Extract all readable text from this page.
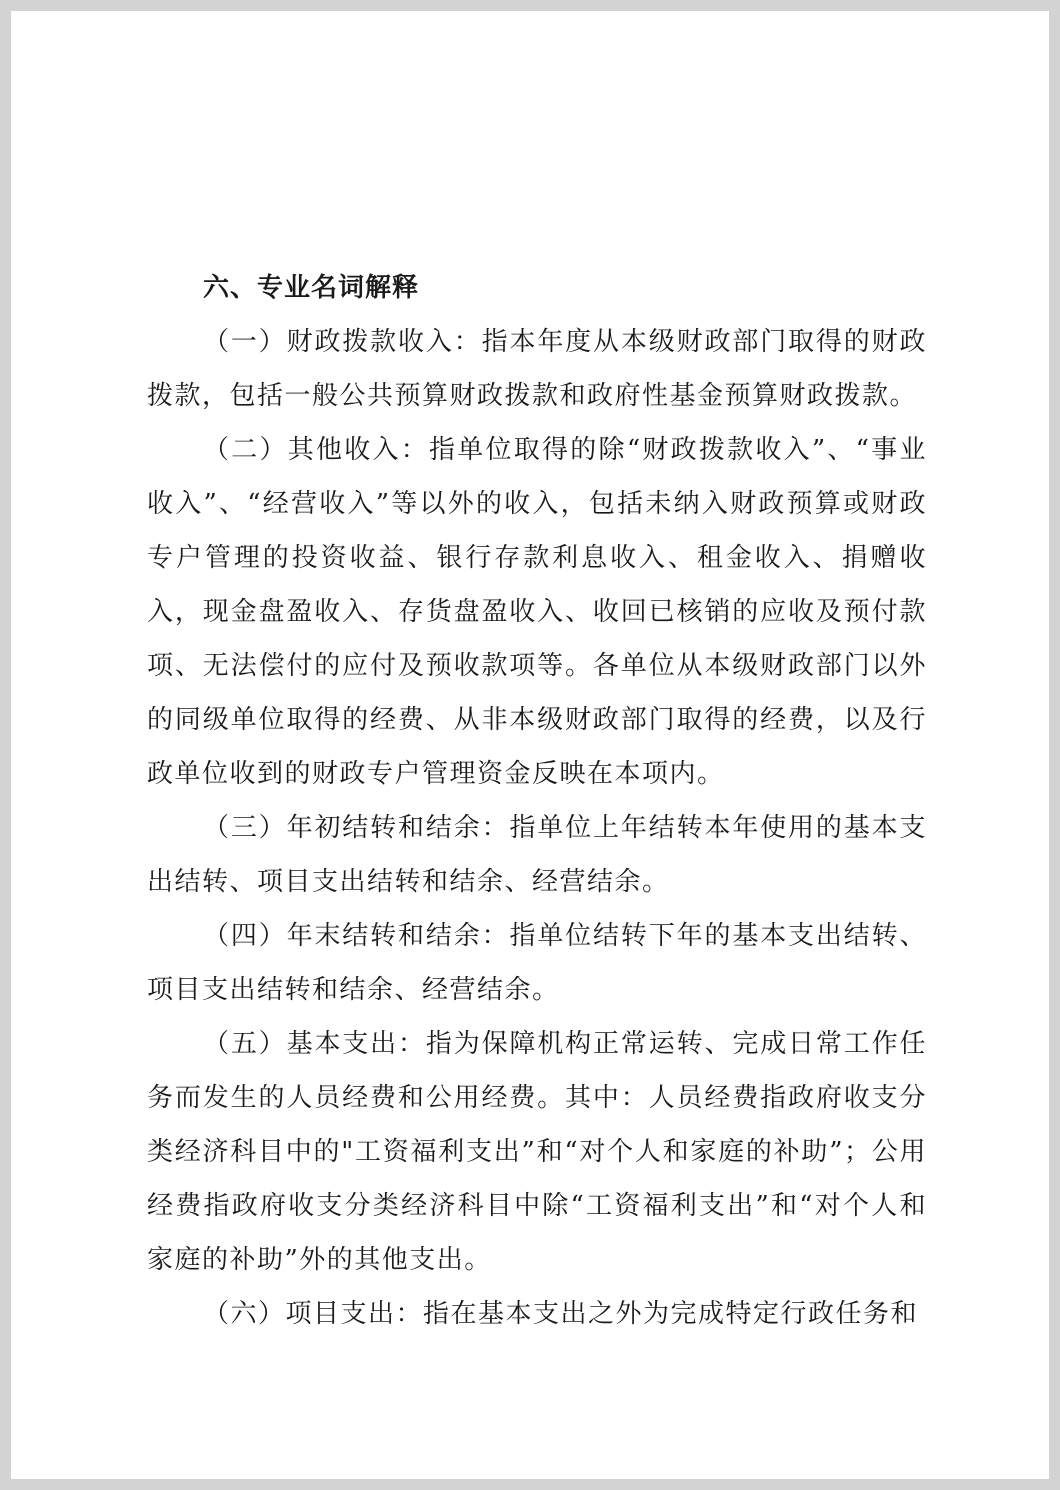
六、专业名词解释

（一）财政拨款收入：指本年度从本级财政部门取得的财政拨款，包括一般公共预算财政拨款和政府性基金预算财政拨款。

（二）其他收入：指单位取得的除“财政拨款收入”、“事业收入”、“经营收入”等以外的收入，包括未纳入财政预算或财政专户管理的投资收益、银行存款利息收入、租金收入、捐赠收入，现金盘盈收入、存货盘盈收入、收回已核销的应收及预付款项、无法偿付的应付及预收款项等。各单位从本级财政部门以外的同级单位取得的经费、从非本级财政部门取得的经费，以及行政单位收到的财政专户管理资金反映在本项内。

（三）年初结转和结余：指单位上年结转本年使用的基本支出结转、项目支出结转和结余、经营结余。

（四）年末结转和结余：指单位结转下年的基本支出结转、项目支出结转和结余、经营结余。

（五）基本支出：指为保障机构正常运转、完成日常工作任务而发生的人员经费和公用经费。其中：人员经费指政府收支分类经济科目中的"工资福利支出”和“对个人和家庭的补助”；公用经费指政府收支分类经济科目中除“工资福利支出”和“对个人和家庭的补助”外的其他支出。

（六）项目支出：指在基本支出之外为完成特定行政任务和
